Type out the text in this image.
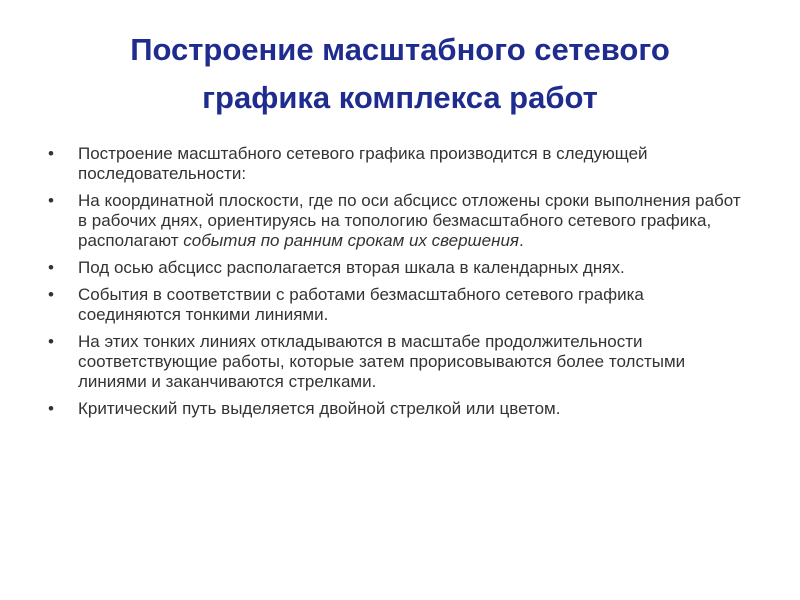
Построение масштабного сетевого
графика комплекса работ
•	Построение масштабного сетевого графика производится в следующей последовательности:
•	На координатной плоскости, где по оси абсцисс отложены сроки выполнения работ в рабочих днях, ориентируясь на топологию безмасштабного сетевого графика, располагают события по ранним срокам их свершения.
•	Под осью абсцисс располагается вторая шкала в календарных днях.
•	События в соответствии с работами безмасштабного сетевого графика соединяются тонкими линиями.
•	На этих тонких линиях откладываются в масштабе продолжительности соответствующие работы, которые затем прорисовываются более толстыми линиями и заканчиваются стрелками.
•	Критический путь выделяется двойной стрелкой или цветом.
